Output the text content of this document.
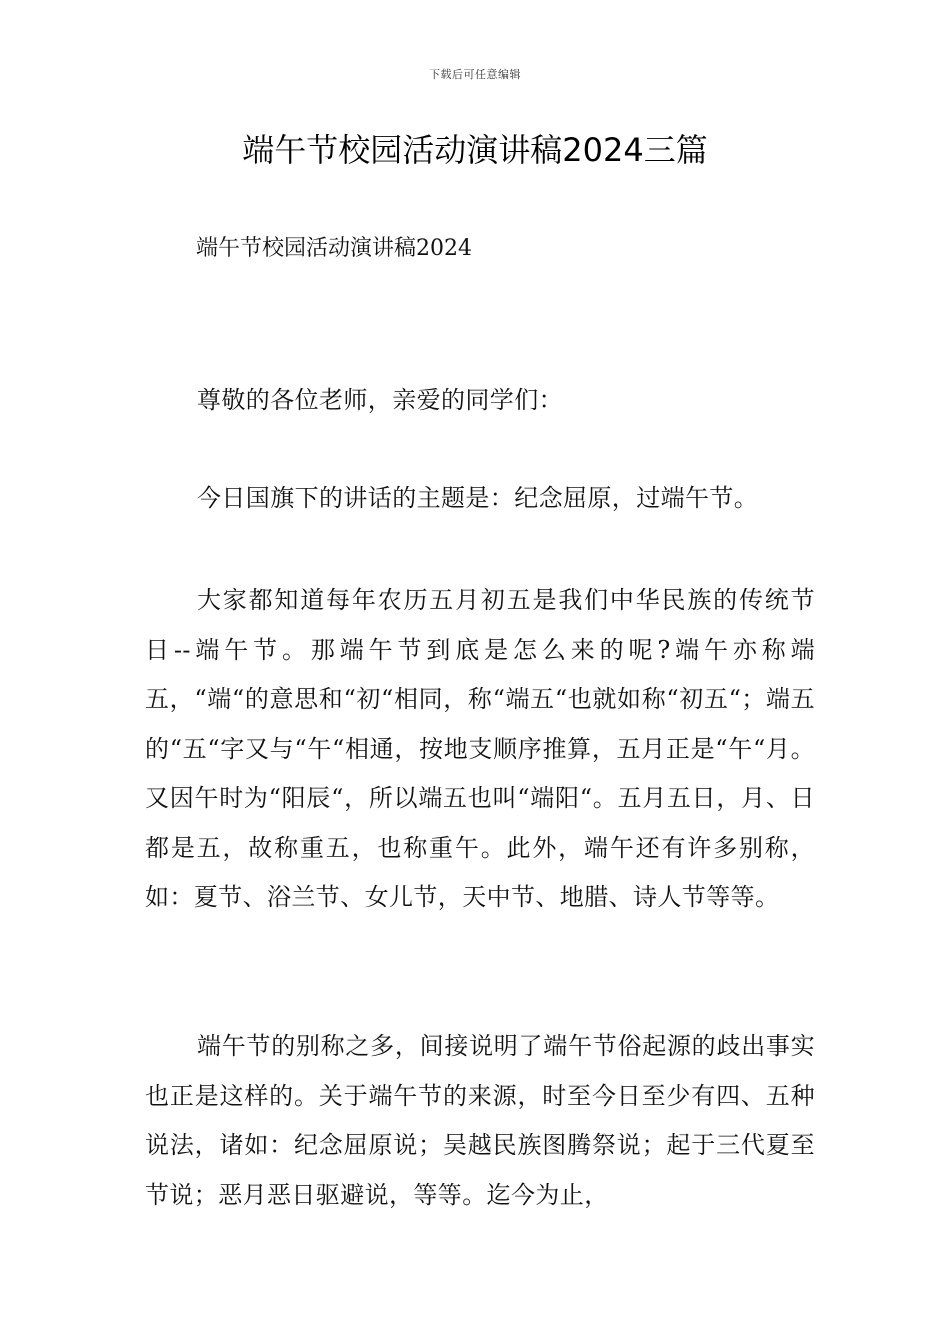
下载后可任意编辑
端午节校园活动演讲稿2024三篇

端午节校园活动演讲稿2024

尊敬的各位老师，亲爱的同学们：

今日国旗下的讲话的主题是：纪念屈原，过端午节。

大家都知道每年农历五月初五是我们中华民族的传统节日--端午节。那端午节到底是怎么来的呢?端午亦称端五，“端“的意思和“初“相同，称“端五“也就如称“初五“；端五的“五“字又与“午“相通，按地支顺序推算，五月正是“午“月。又因午时为“阳辰“，所以端五也叫“端阳“。五月五日，月、日都是五，故称重五，也称重午。此外，端午还有许多别称，如：夏节、浴兰节、女儿节，天中节、地腊、诗人节等等。

端午节的别称之多，间接说明了端午节俗起源的歧出事实也正是这样的。关于端午节的来源，时至今日至少有四、五种说法，诸如：纪念屈原说；吴越民族图腾祭说；起于三代夏至节说；恶月恶日驱避说，等等。迄今为止，
